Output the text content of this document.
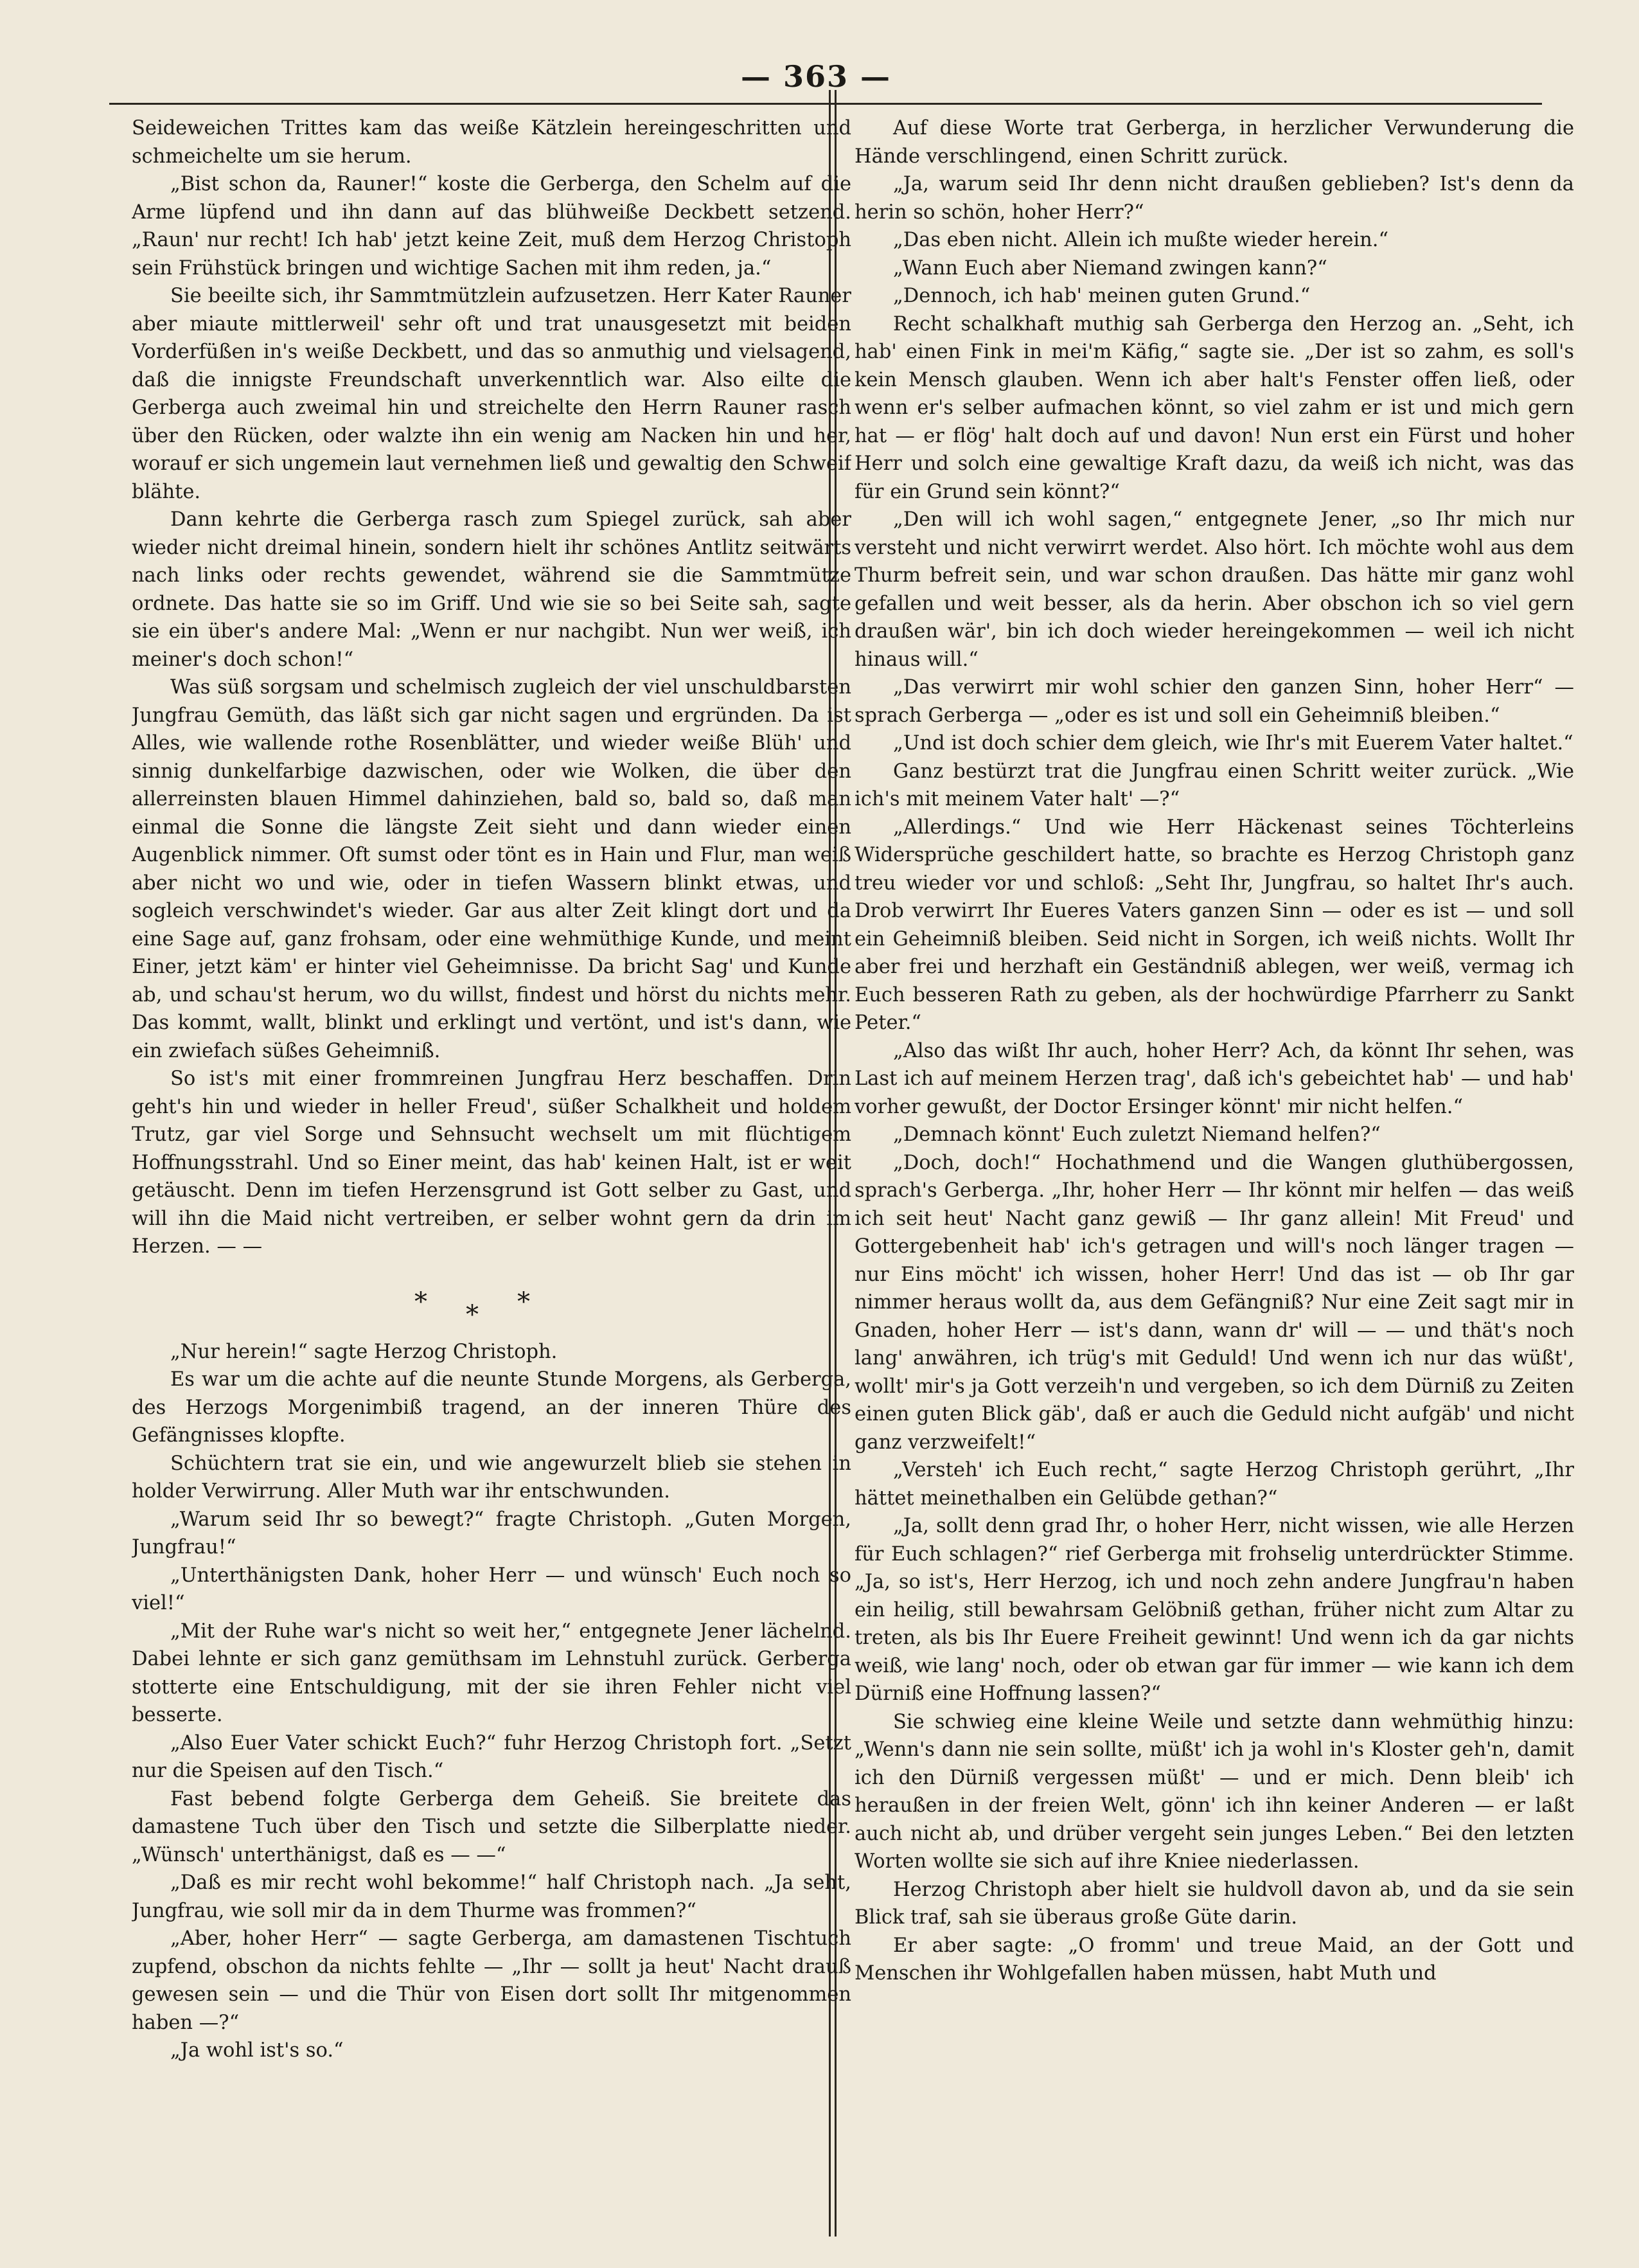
— 363 —

Seideweichen Trittes kam das weiße Kätzlein hereingeschritten und schmeichelte um sie herum.

„Bist schon da, Rauner!“ koste die Gerberga, den Schelm auf die Arme lüpfend und ihn dann auf das blühweiße Deckbett setzend. „Raun' nur recht! Ich hab' jetzt keine Zeit, muß dem Herzog Christoph sein Frühstück bringen und wichtige Sachen mit ihm reden, ja.“

Sie beeilte sich, ihr Sammtmützlein aufzusetzen. Herr Kater Rauner aber miaute mittlerweil' sehr oft und trat unausgesetzt mit beiden Vorderfüßen in's weiße Deckbett, und das so anmuthig und vielsagend, daß die innigste Freundschaft unverkenntlich war. Also eilte die Gerberga auch zweimal hin und streichelte den Herrn Rauner rasch über den Rücken, oder walzte ihn ein wenig am Nacken hin und her, worauf er sich ungemein laut vernehmen ließ und gewaltig den Schweif blähte.

Dann kehrte die Gerberga rasch zum Spiegel zurück, sah aber wieder nicht dreimal hinein, sondern hielt ihr schönes Antlitz seitwärts nach links oder rechts gewendet, während sie die Sammtmütze ordnete. Das hatte sie so im Griff. Und wie sie so bei Seite sah, sagte sie ein über's andere Mal: „Wenn er nur nachgibt. Nun wer weiß, ich meiner's doch schon!“

Was süß sorgsam und schelmisch zugleich der viel unschuldbarsten Jungfrau Gemüth, das läßt sich gar nicht sagen und ergründen. Da ist Alles, wie wallende rothe Rosenblätter, und wieder weiße Blüh' und sinnig dunkelfarbige dazwischen, oder wie Wolken, die über den allerreinsten blauen Himmel dahinziehen, bald so, bald so, daß man einmal die Sonne die längste Zeit sieht und dann wieder einen Augenblick nimmer. Oft sumst oder tönt es in Hain und Flur, man weiß aber nicht wo und wie, oder in tiefen Wassern blinkt etwas, und sogleich verschwindet's wieder. Gar aus alter Zeit klingt dort und da eine Sage auf, ganz frohsam, oder eine wehmüthige Kunde, und meint Einer, jetzt käm' er hinter viel Geheimnisse. Da bricht Sag' und Kunde ab, und schau'st herum, wo du willst, findest und hörst du nichts mehr. Das kommt, wallt, blinkt und erklingt und vertönt, und ist's dann, wie ein zwiefach süßes Geheimniß.

So ist's mit einer frommreinen Jungfrau Herz beschaffen. Drin geht's hin und wieder in heller Freud', süßer Schalkheit und holdem Trutz, gar viel Sorge und Sehnsucht wechselt um mit flüchtigem Hoffnungsstrahl. Und so Einer meint, das hab' keinen Halt, ist er weit getäuscht. Denn im tiefen Herzensgrund ist Gott selber zu Gast, und will ihn die Maid nicht vertreiben, er selber wohnt gern da drin im Herzen. — —

***

„Nur herein!“ sagte Herzog Christoph.

Es war um die achte auf die neunte Stunde Morgens, als Gerberga, des Herzogs Morgenimbiß tragend, an der inneren Thüre des Gefängnisses klopfte.

Schüchtern trat sie ein, und wie angewurzelt blieb sie stehen in holder Verwirrung. Aller Muth war ihr entschwunden.

„Warum seid Ihr so bewegt?“ fragte Christoph. „Guten Morgen, Jungfrau!“

„Unterthänigsten Dank, hoher Herr — und wünsch' Euch noch so viel!“

„Mit der Ruhe war's nicht so weit her,“ entgegnete Jener lächelnd. Dabei lehnte er sich ganz gemüthsam im Lehnstuhl zurück. Gerberga stotterte eine Entschuldigung, mit der sie ihren Fehler nicht viel besserte.

„Also Euer Vater schickt Euch?“ fuhr Herzog Christoph fort. „Setzt nur die Speisen auf den Tisch.“

Fast bebend folgte Gerberga dem Geheiß. Sie breitete das damastene Tuch über den Tisch und setzte die Silberplatte nieder. „Wünsch' unterthänigst, daß es — —“

„Daß es mir recht wohl bekomme!“ half Christoph nach. „Ja seht, Jungfrau, wie soll mir da in dem Thurme was frommen?“

„Aber, hoher Herr“ — sagte Gerberga, am damastenen Tischtuch zupfend, obschon da nichts fehlte — „Ihr — sollt ja heut' Nacht drauß gewesen sein — und die Thür von Eisen dort sollt Ihr mitgenommen haben —?“

„Ja wohl ist's so.“

Auf diese Worte trat Gerberga, in herzlicher Verwunderung die Hände verschlingend, einen Schritt zurück.

„Ja, warum seid Ihr denn nicht draußen geblieben? Ist's denn da herin so schön, hoher Herr?“

„Das eben nicht. Allein ich mußte wieder herein.“

„Wann Euch aber Niemand zwingen kann?“

„Dennoch, ich hab' meinen guten Grund.“

Recht schalkhaft muthig sah Gerberga den Herzog an. „Seht, ich hab' einen Fink in mei'm Käfig,“ sagte sie. „Der ist so zahm, es soll's kein Mensch glauben. Wenn ich aber halt's Fenster offen ließ, oder wenn er's selber aufmachen könnt, so viel zahm er ist und mich gern hat — er flög' halt doch auf und davon! Nun erst ein Fürst und hoher Herr und solch eine gewaltige Kraft dazu, da weiß ich nicht, was das für ein Grund sein könnt?“

„Den will ich wohl sagen,“ entgegnete Jener, „so Ihr mich nur versteht und nicht verwirrt werdet. Also hört. Ich möchte wohl aus dem Thurm befreit sein, und war schon draußen. Das hätte mir ganz wohl gefallen und weit besser, als da herin. Aber obschon ich so viel gern draußen wär', bin ich doch wieder hereingekommen — weil ich nicht hinaus will.“

„Das verwirrt mir wohl schier den ganzen Sinn, hoher Herr“ — sprach Gerberga — „oder es ist und soll ein Geheimniß bleiben.“

„Und ist doch schier dem gleich, wie Ihr's mit Euerem Vater haltet.“

Ganz bestürzt trat die Jungfrau einen Schritt weiter zurück. „Wie ich's mit meinem Vater halt' —?“

„Allerdings.“ Und wie Herr Häckenast seines Töchterleins Widersprüche geschildert hatte, so brachte es Herzog Christoph ganz treu wieder vor und schloß: „Seht Ihr, Jungfrau, so haltet Ihr's auch. Drob verwirrt Ihr Eueres Vaters ganzen Sinn — oder es ist — und soll ein Geheimniß bleiben. Seid nicht in Sorgen, ich weiß nichts. Wollt Ihr aber frei und herzhaft ein Geständniß ablegen, wer weiß, vermag ich Euch besseren Rath zu geben, als der hochwürdige Pfarrherr zu Sankt Peter.“

„Also das wißt Ihr auch, hoher Herr? Ach, da könnt Ihr sehen, was Last ich auf meinem Herzen trag', daß ich's gebeichtet hab' — und hab' vorher gewußt, der Doctor Ersinger könnt' mir nicht helfen.“

„Demnach könnt' Euch zuletzt Niemand helfen?“

„Doch, doch!“ Hochathmend und die Wangen gluthübergossen, sprach's Gerberga. „Ihr, hoher Herr — Ihr könnt mir helfen — das weiß ich seit heut' Nacht ganz gewiß — Ihr ganz allein! Mit Freud' und Gottergebenheit hab' ich's getragen und will's noch länger tragen — nur Eins möcht' ich wissen, hoher Herr! Und das ist — ob Ihr gar nimmer heraus wollt da, aus dem Gefängniß? Nur eine Zeit sagt mir in Gnaden, hoher Herr — ist's dann, wann dr' will — — und thät's noch lang' anwähren, ich trüg's mit Geduld! Und wenn ich nur das wüßt', wollt' mir's ja Gott verzeih'n und vergeben, so ich dem Dürniß zu Zeiten einen guten Blick gäb', daß er auch die Geduld nicht aufgäb' und nicht ganz verzweifelt!“

„Versteh' ich Euch recht,“ sagte Herzog Christoph gerührt, „Ihr hättet meinethalben ein Gelübde gethan?“

„Ja, sollt denn grad Ihr, o hoher Herr, nicht wissen, wie alle Herzen für Euch schlagen?“ rief Gerberga mit frohselig unterdrückter Stimme. „Ja, so ist's, Herr Herzog, ich und noch zehn andere Jungfrau'n haben ein heilig, still bewahrsam Gelöbniß gethan, früher nicht zum Altar zu treten, als bis Ihr Euere Freiheit gewinnt! Und wenn ich da gar nichts weiß, wie lang' noch, oder ob etwan gar für immer — wie kann ich dem Dürniß eine Hoffnung lassen?“

Sie schwieg eine kleine Weile und setzte dann wehmüthig hinzu: „Wenn's dann nie sein sollte, müßt' ich ja wohl in's Kloster geh'n, damit ich den Dürniß vergessen müßt' — und er mich. Denn bleib' ich heraußen in der freien Welt, gönn' ich ihn keiner Anderen — er laßt auch nicht ab, und drüber vergeht sein junges Leben.“ Bei den letzten Worten wollte sie sich auf ihre Kniee niederlassen.

Herzog Christoph aber hielt sie huldvoll davon ab, und da sie sein Blick traf, sah sie überaus große Güte darin.

Er aber sagte: „O fromm' und treue Maid, an der Gott und Menschen ihr Wohlgefallen haben müssen, habt Muth und
